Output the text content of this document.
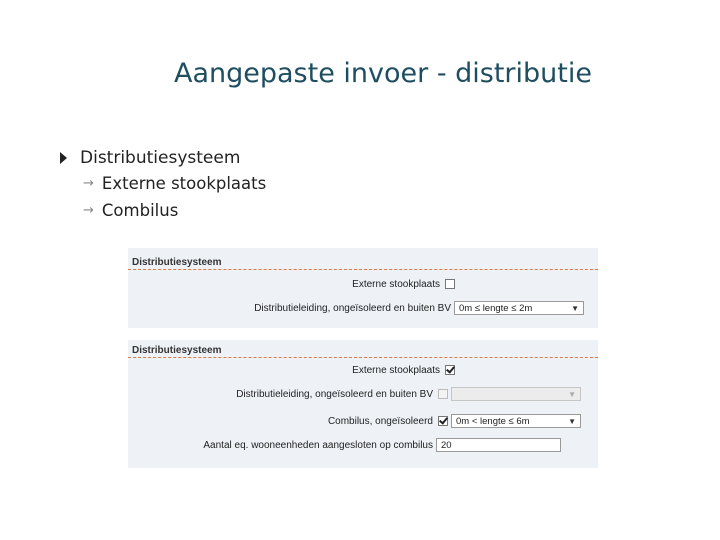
Aangepaste invoer - distributie
Distributiesysteem
→ Externe stookplaats
→ Combilus
Distributiesysteem
Externe stookplaats
Distributieleiding, ongeïsoleerd en buiten BV 0m ≤ lengte ≤ 2m	▼
Distributiesysteem
Externe stookplaats
Distributieleiding, ongeïsoleerd en buiten BV	▼
Combilus, ongeïsoleerd 0m < lengte ≤ 6m	▼
Aantal eq. wooneenheden aangesloten op combilus 20
